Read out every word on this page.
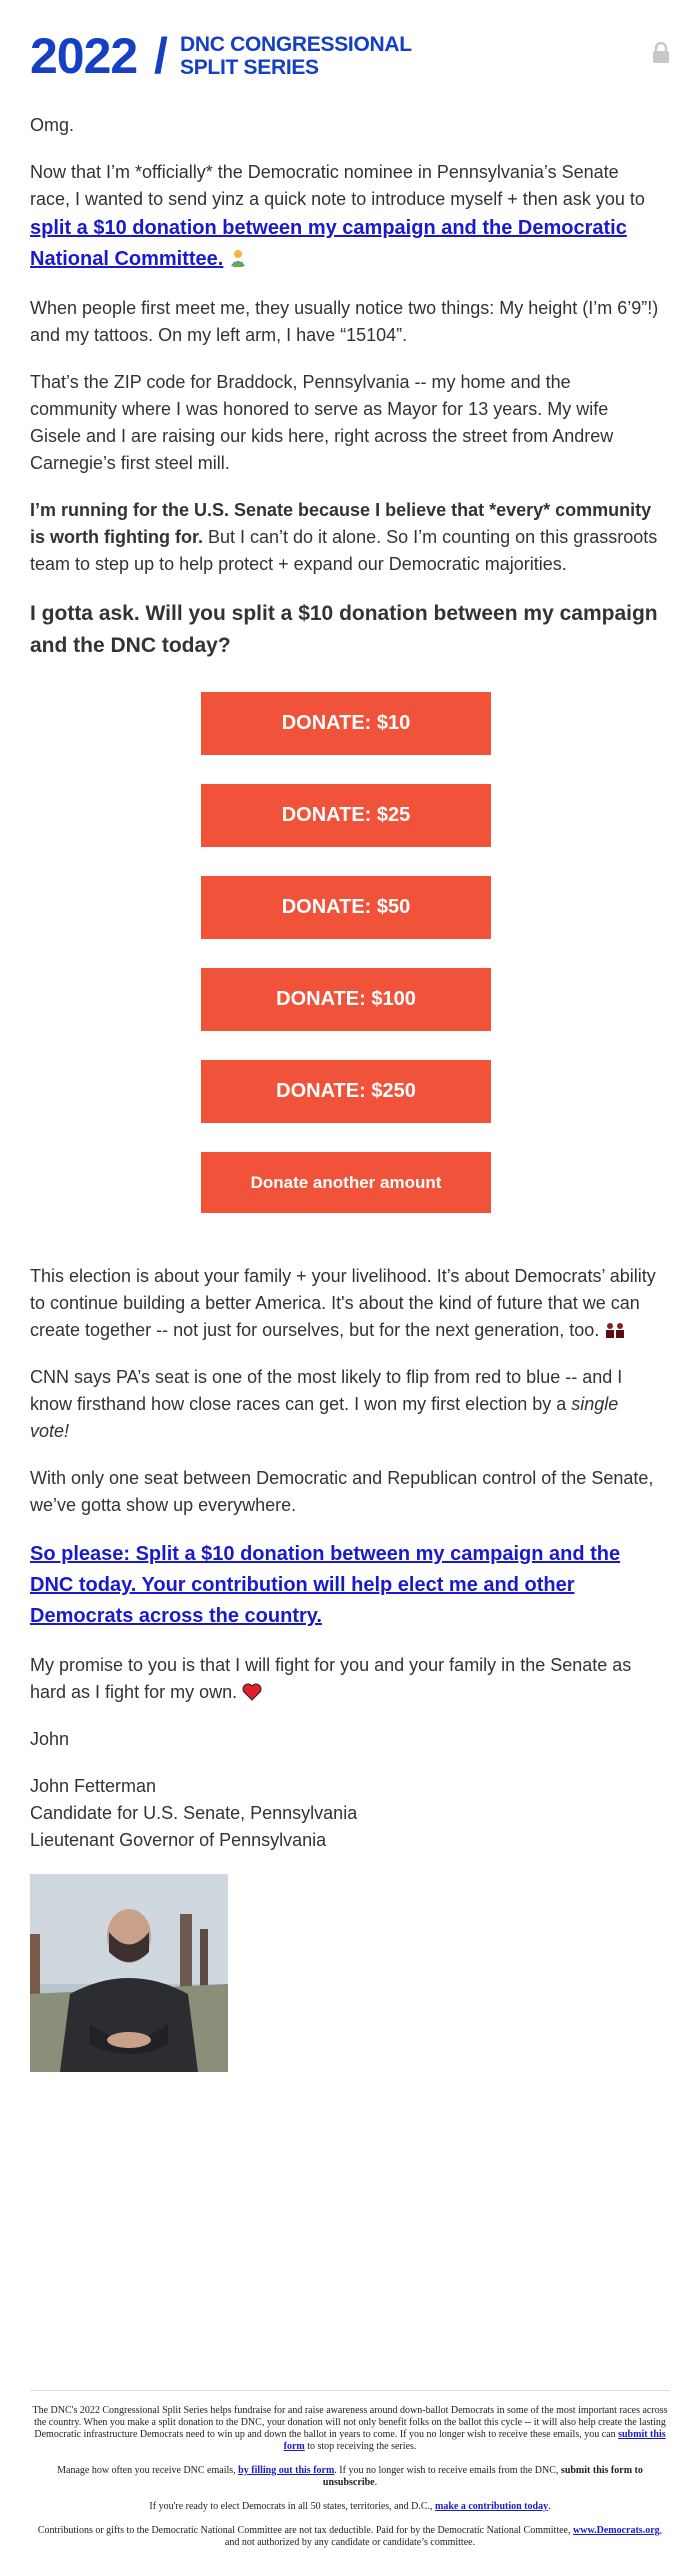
2022 / DNC CONGRESSIONAL
SPLIT SERIES

Omg.

Now that I’m *officially* the Democratic nominee in Pennsylvania’s Senate race, I wanted to send yinz a quick note to introduce myself + then ask you to split a $10 donation between my campaign and the Democratic National Committee.

When people first meet me, they usually notice two things: My height (I’m 6’9”!) and my tattoos. On my left arm, I have “15104”.

That’s the ZIP code for Braddock, Pennsylvania -- my home and the community where I was honored to serve as Mayor for 13 years. My wife Gisele and I are raising our kids here, right across the street from Andrew Carnegie’s first steel mill.

I’m running for the U.S. Senate because I believe that *every* community is worth fighting for. But I can’t do it alone. So I’m counting on this grassroots team to step up to help protect + expand our Democratic majorities.

I gotta ask. Will you split a $10 donation between my campaign and the DNC today?
DONATE: $10
DONATE: $25
DONATE: $50
DONATE: $100
DONATE: $250
Donate another amount

This election is about your family + your livelihood. It’s about Democrats’ ability to continue building a better America. It's about the kind of future that we can create together -- not just for ourselves, but for the next generation, too.

CNN says PA’s seat is one of the most likely to flip from red to blue -- and I know firsthand how close races can get. I won my first election by a single vote!

With only one seat between Democratic and Republican control of the Senate, we’ve gotta show up everywhere.

So please: Split a $10 donation between my campaign and the DNC today. Your contribution will help elect me and other Democrats across the country.

My promise to you is that I will fight for you and your family in the Senate as hard as I fight for my own.

John

John Fetterman
Candidate for U.S. Senate, Pennsylvania
Lieutenant Governor of Pennsylvania

The DNC's 2022 Congressional Split Series helps fundraise for and raise awareness around down-ballot Democrats in some of the most important races across the country. When you make a split donation to the DNC, your donation will not only benefit folks on the ballot this cycle -- it will also help create the lasting Democratic infrastructure Democrats need to win up and down the ballot in years to come. If you no longer wish to receive these emails, you can submit this form to stop receiving the series.

Manage how often you receive DNC emails, by filling out this form. If you no longer wish to receive emails from the DNC, submit this form to unsubscribe.

If you're ready to elect Democrats in all 50 states, territories, and D.C., make a contribution today.

Contributions or gifts to the Democratic National Committee are not tax deductible. Paid for by the Democratic National Committee, www.Democrats.org, and not authorized by any candidate or candidate’s committee.
